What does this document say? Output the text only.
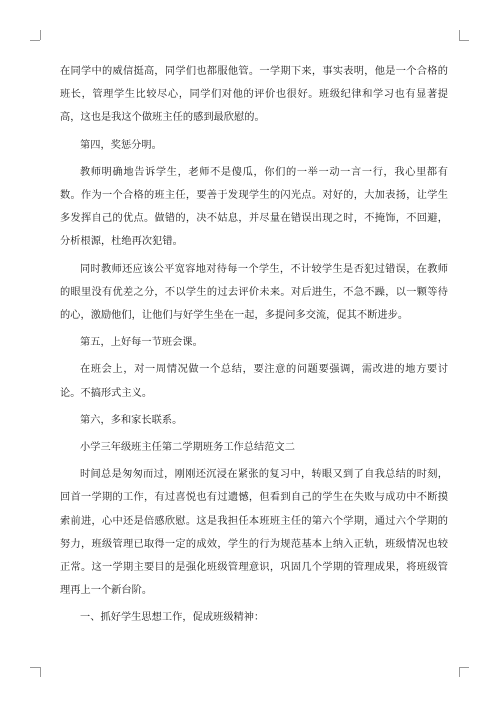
在同学中的威信挺高，同学们也都服他管。一学期下来，事实表明，他是一个合格的班长，管理学生比较尽心，同学们对他的评价也很好。班级纪律和学习也有显著提高，这也是我这个做班主任的感到最欣慰的。

第四，奖惩分明。

教师明确地告诉学生，老师不是傻瓜，你们的一举一动一言一行，我心里都有数。作为一个合格的班主任，要善于发现学生的闪光点。对好的，大加表扬，让学生多发挥自己的优点。做错的，决不姑息，并尽量在错误出现之时，不掩饰，不回避，分析根源，杜绝再次犯错。

同时教师还应该公平宽容地对待每一个学生，不计较学生是否犯过错误，在教师的眼里没有优差之分，不以学生的过去评价未来。对后进生，不急不躁，以一颗等待的心，激励他们，让他们与好学生坐在一起，多提问多交流，促其不断进步。

第五，上好每一节班会课。

在班会上，对一周情况做一个总结，要注意的问题要强调，需改进的地方要讨论。不搞形式主义。

第六，多和家长联系。

小学三年级班主任第二学期班务工作总结范文二

时间总是匆匆而过，刚刚还沉浸在紧张的复习中，转眼又到了自我总结的时刻，回首一学期的工作，有过喜悦也有过遗憾，但看到自己的学生在失败与成功中不断摸索前进，心中还是倍感欣慰。这是我担任本班班主任的第六个学期，通过六个学期的努力，班级管理已取得一定的成效，学生的行为规范基本上纳入正轨，班级情况也较正常。这一学期主要目的是强化班级管理意识，巩固几个学期的管理成果，将班级管理再上一个新台阶。

一、抓好学生思想工作，促成班级精神：
